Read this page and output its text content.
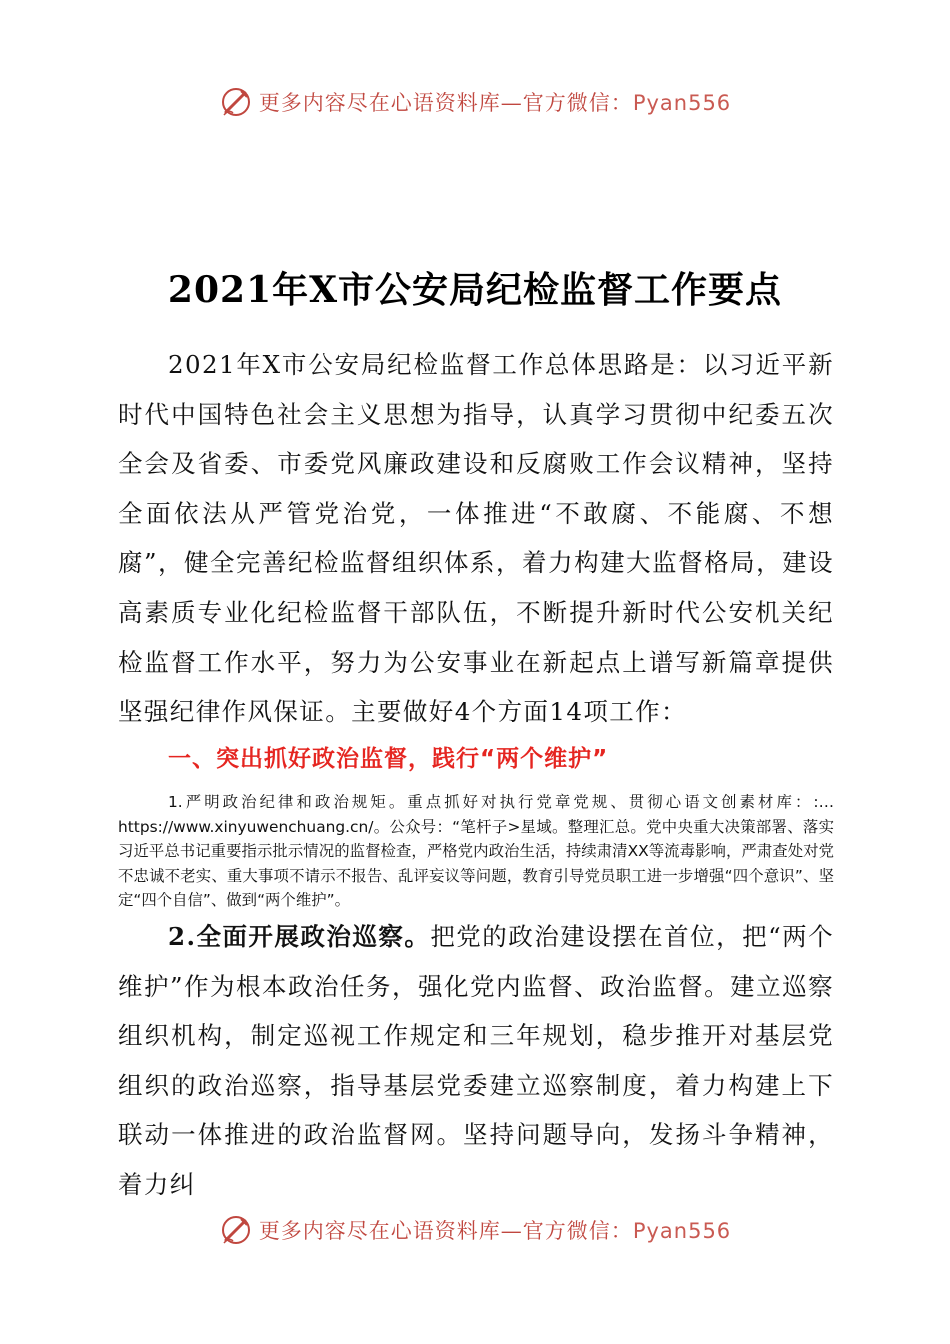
更多内容尽在心语资料库—官方微信：Pyan556
2021年X市公安局纪检监督工作要点

2021年X市公安局纪检监督工作总体思路是：以习近平新时代中国特色社会主义思想为指导，认真学习贯彻中纪委五次全会及省委、市委党风廉政建设和反腐败工作会议精神，坚持全面依法从严管党治党，一体推进“不敢腐、不能腐、不想腐”，健全完善纪检监督组织体系，着力构建大监督格局，建设高素质专业化纪检监督干部队伍，不断提升新时代公安机关纪检监督工作水平，努力为公安事业在新起点上谱写新篇章提供坚强纪律作风保证。主要做好4个方面14项工作：

一、突出抓好政治监督，践行“两个维护”

1.严明政治纪律和政治规矩。重点抓好对执行党章党规、贯彻心语文创素材库：:… https://www.xinyuwenchuang.cn/。公众号：“笔杆子>星域。整理汇总。党中央重大决策部署、落实习近平总书记重要指示批示情况的监督检查，严格党内政治生活，持续肃清XX等流毒影响，严肃查处对党不忠诚不老实、重大事项不请示不报告、乱评妄议等问题，教育引导党员职工进一步增强“四个意识”、坚定“四个自信”、做到“两个维护”。

2.全面开展政治巡察。把党的政治建设摆在首位，把“两个维护”作为根本政治任务，强化党内监督、政治监督。建立巡察组织机构，制定巡视工作规定和三年规划，稳步推开对基层党组织的政治巡察，指导基层党委建立巡察制度，着力构建上下联动一体推进的政治监督网。坚持问题导向，发扬斗争精神，着力纠

更多内容尽在心语资料库—官方微信：Pyan556
